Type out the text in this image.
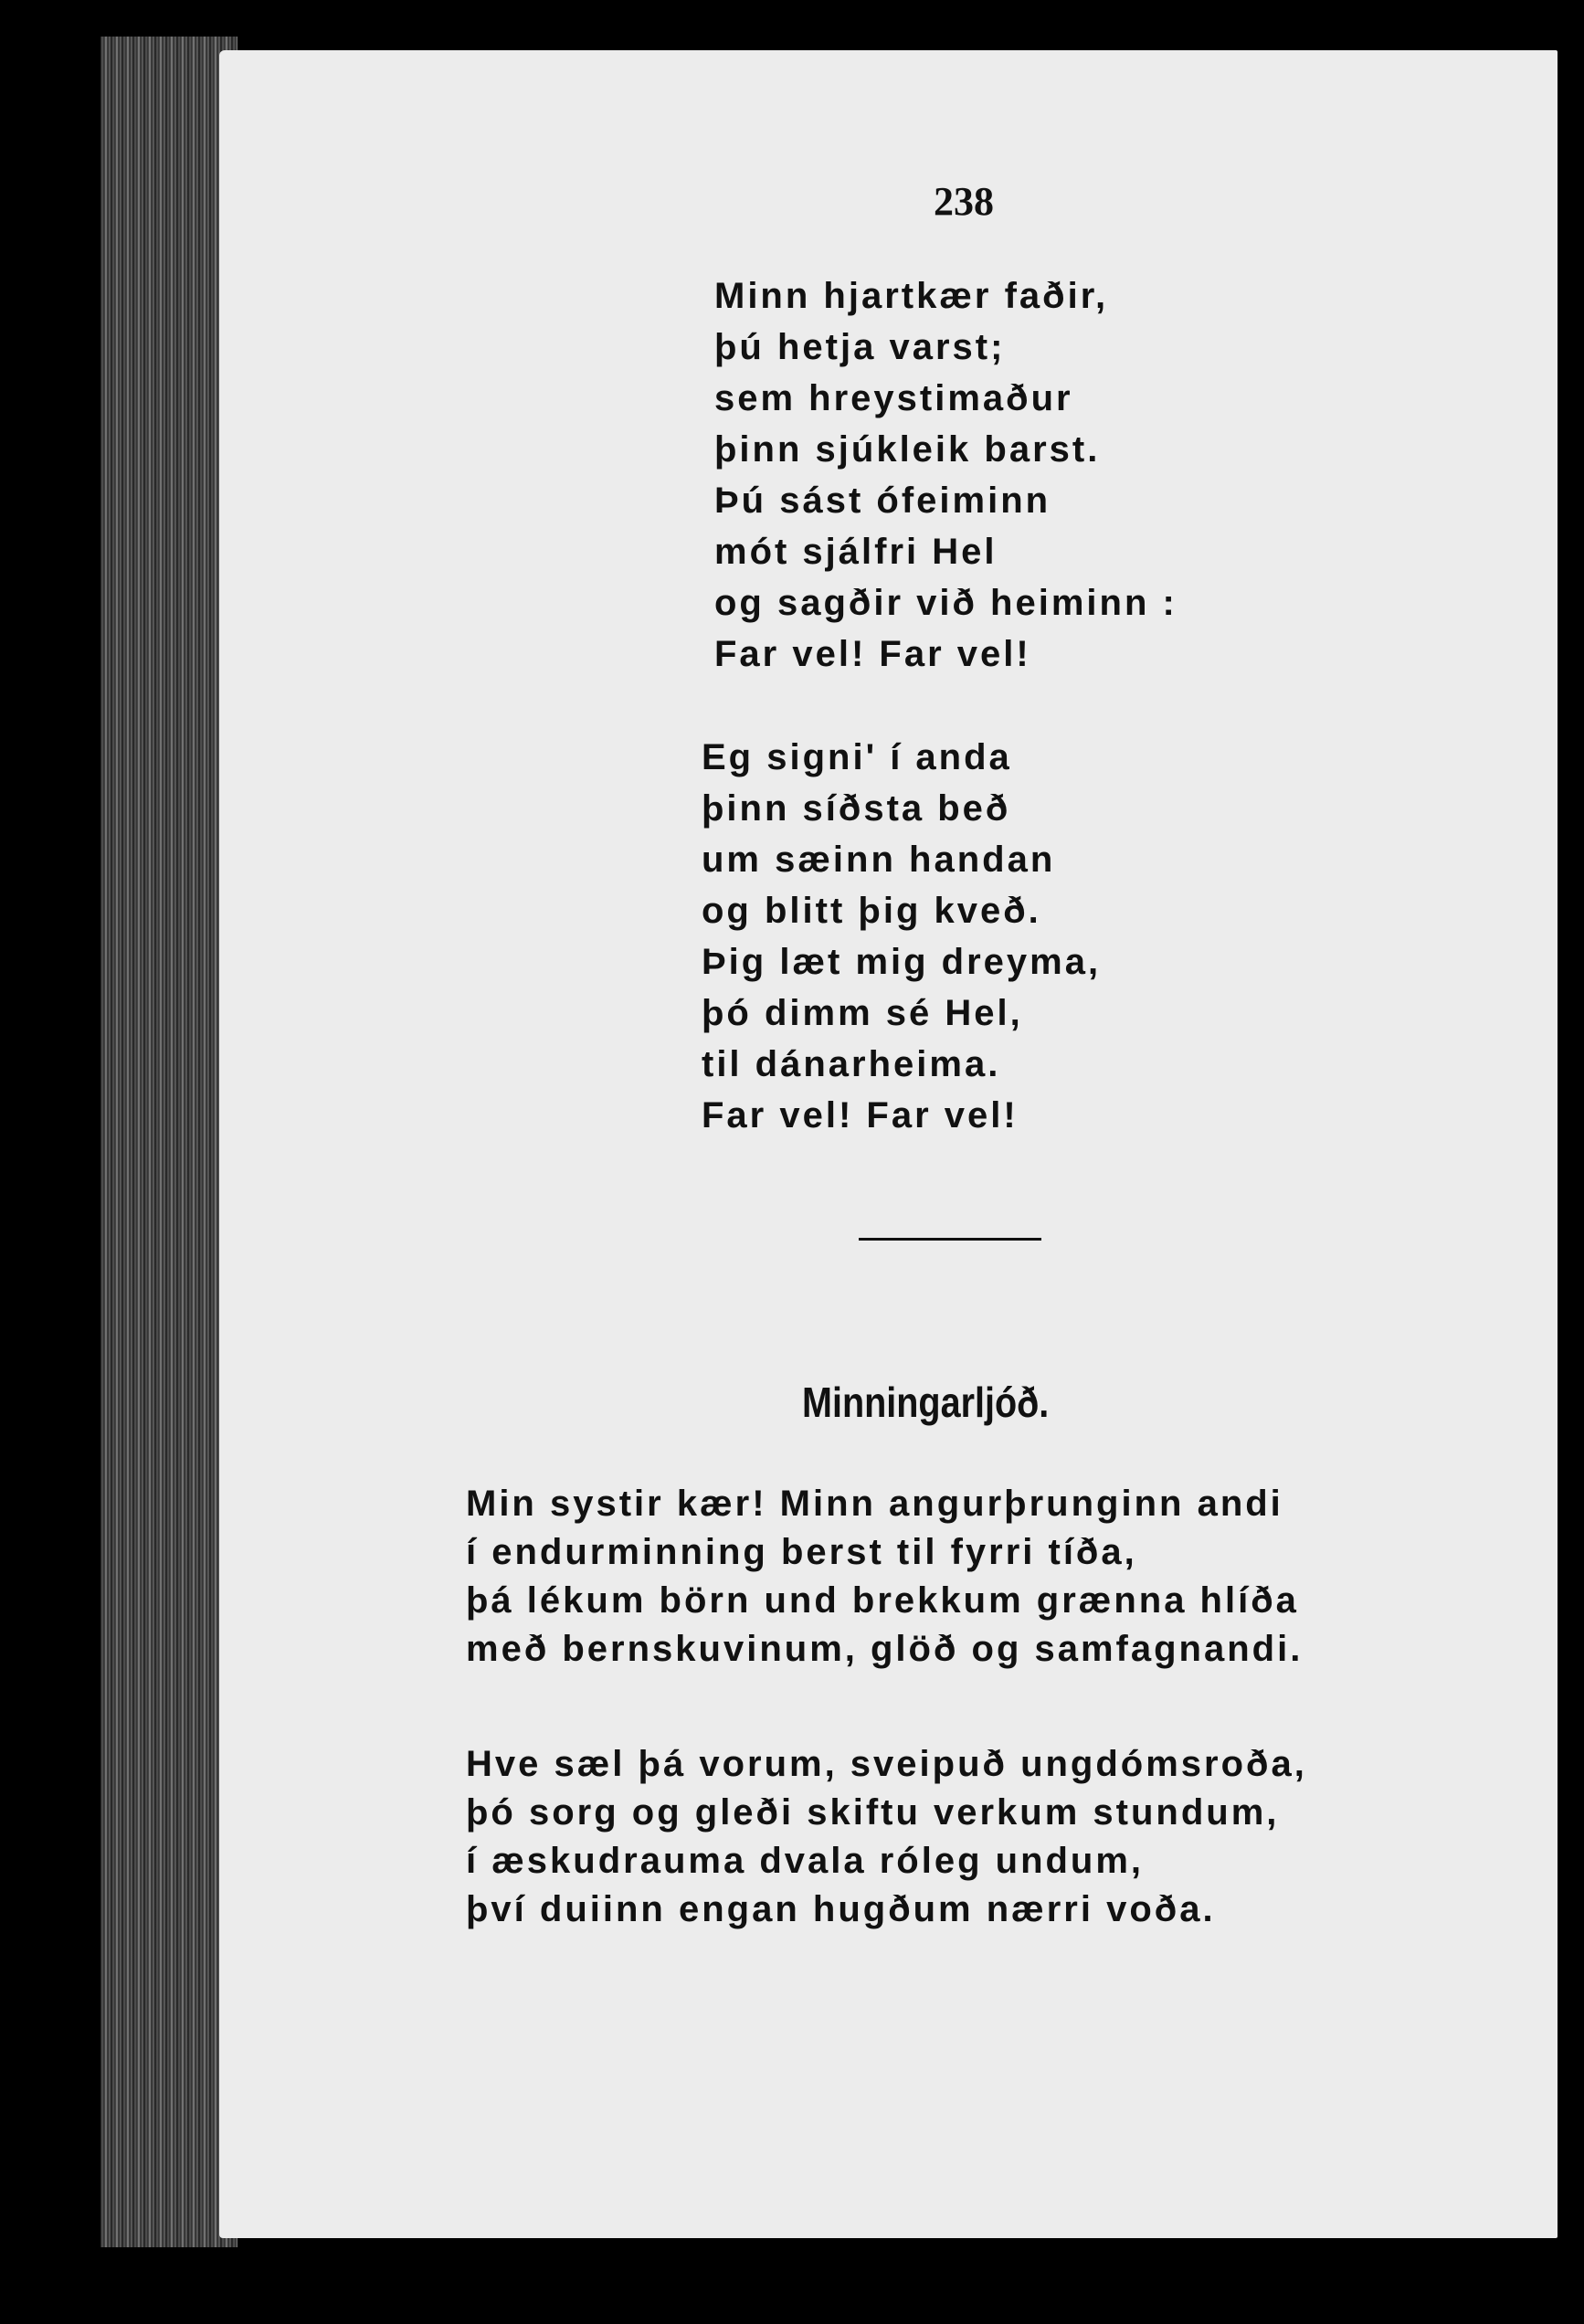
238
Minn hjartkær faðir,
þú hetja varst;
sem hreystimaður
þinn sjúkleik barst.
Þú sást ófeiminn
mót sjálfri Hel
og sagðir við heiminn :
Far vel! Far vel!
Eg signi' í anda
þinn síðsta beð
um sæinn handan
og blitt þig kveð.
Þig læt mig dreyma,
þó dimm sé Hel,
til dánarheima.
Far vel! Far vel!
Minningarljóð.
Min systir kær! Minn angurþrunginn andi
í endurminning berst til fyrri tíða,
þá lékum börn und brekkum grænna hlíða
með bernskuvinum, glöð og samfagnandi.
Hve sæl þá vorum, sveipuð ungdómsroða,
þó sorg og gleði skiftu verkum stundum,
í æskudrauma dvala róleg undum,
því duiinn engan hugðum nærri voða.
